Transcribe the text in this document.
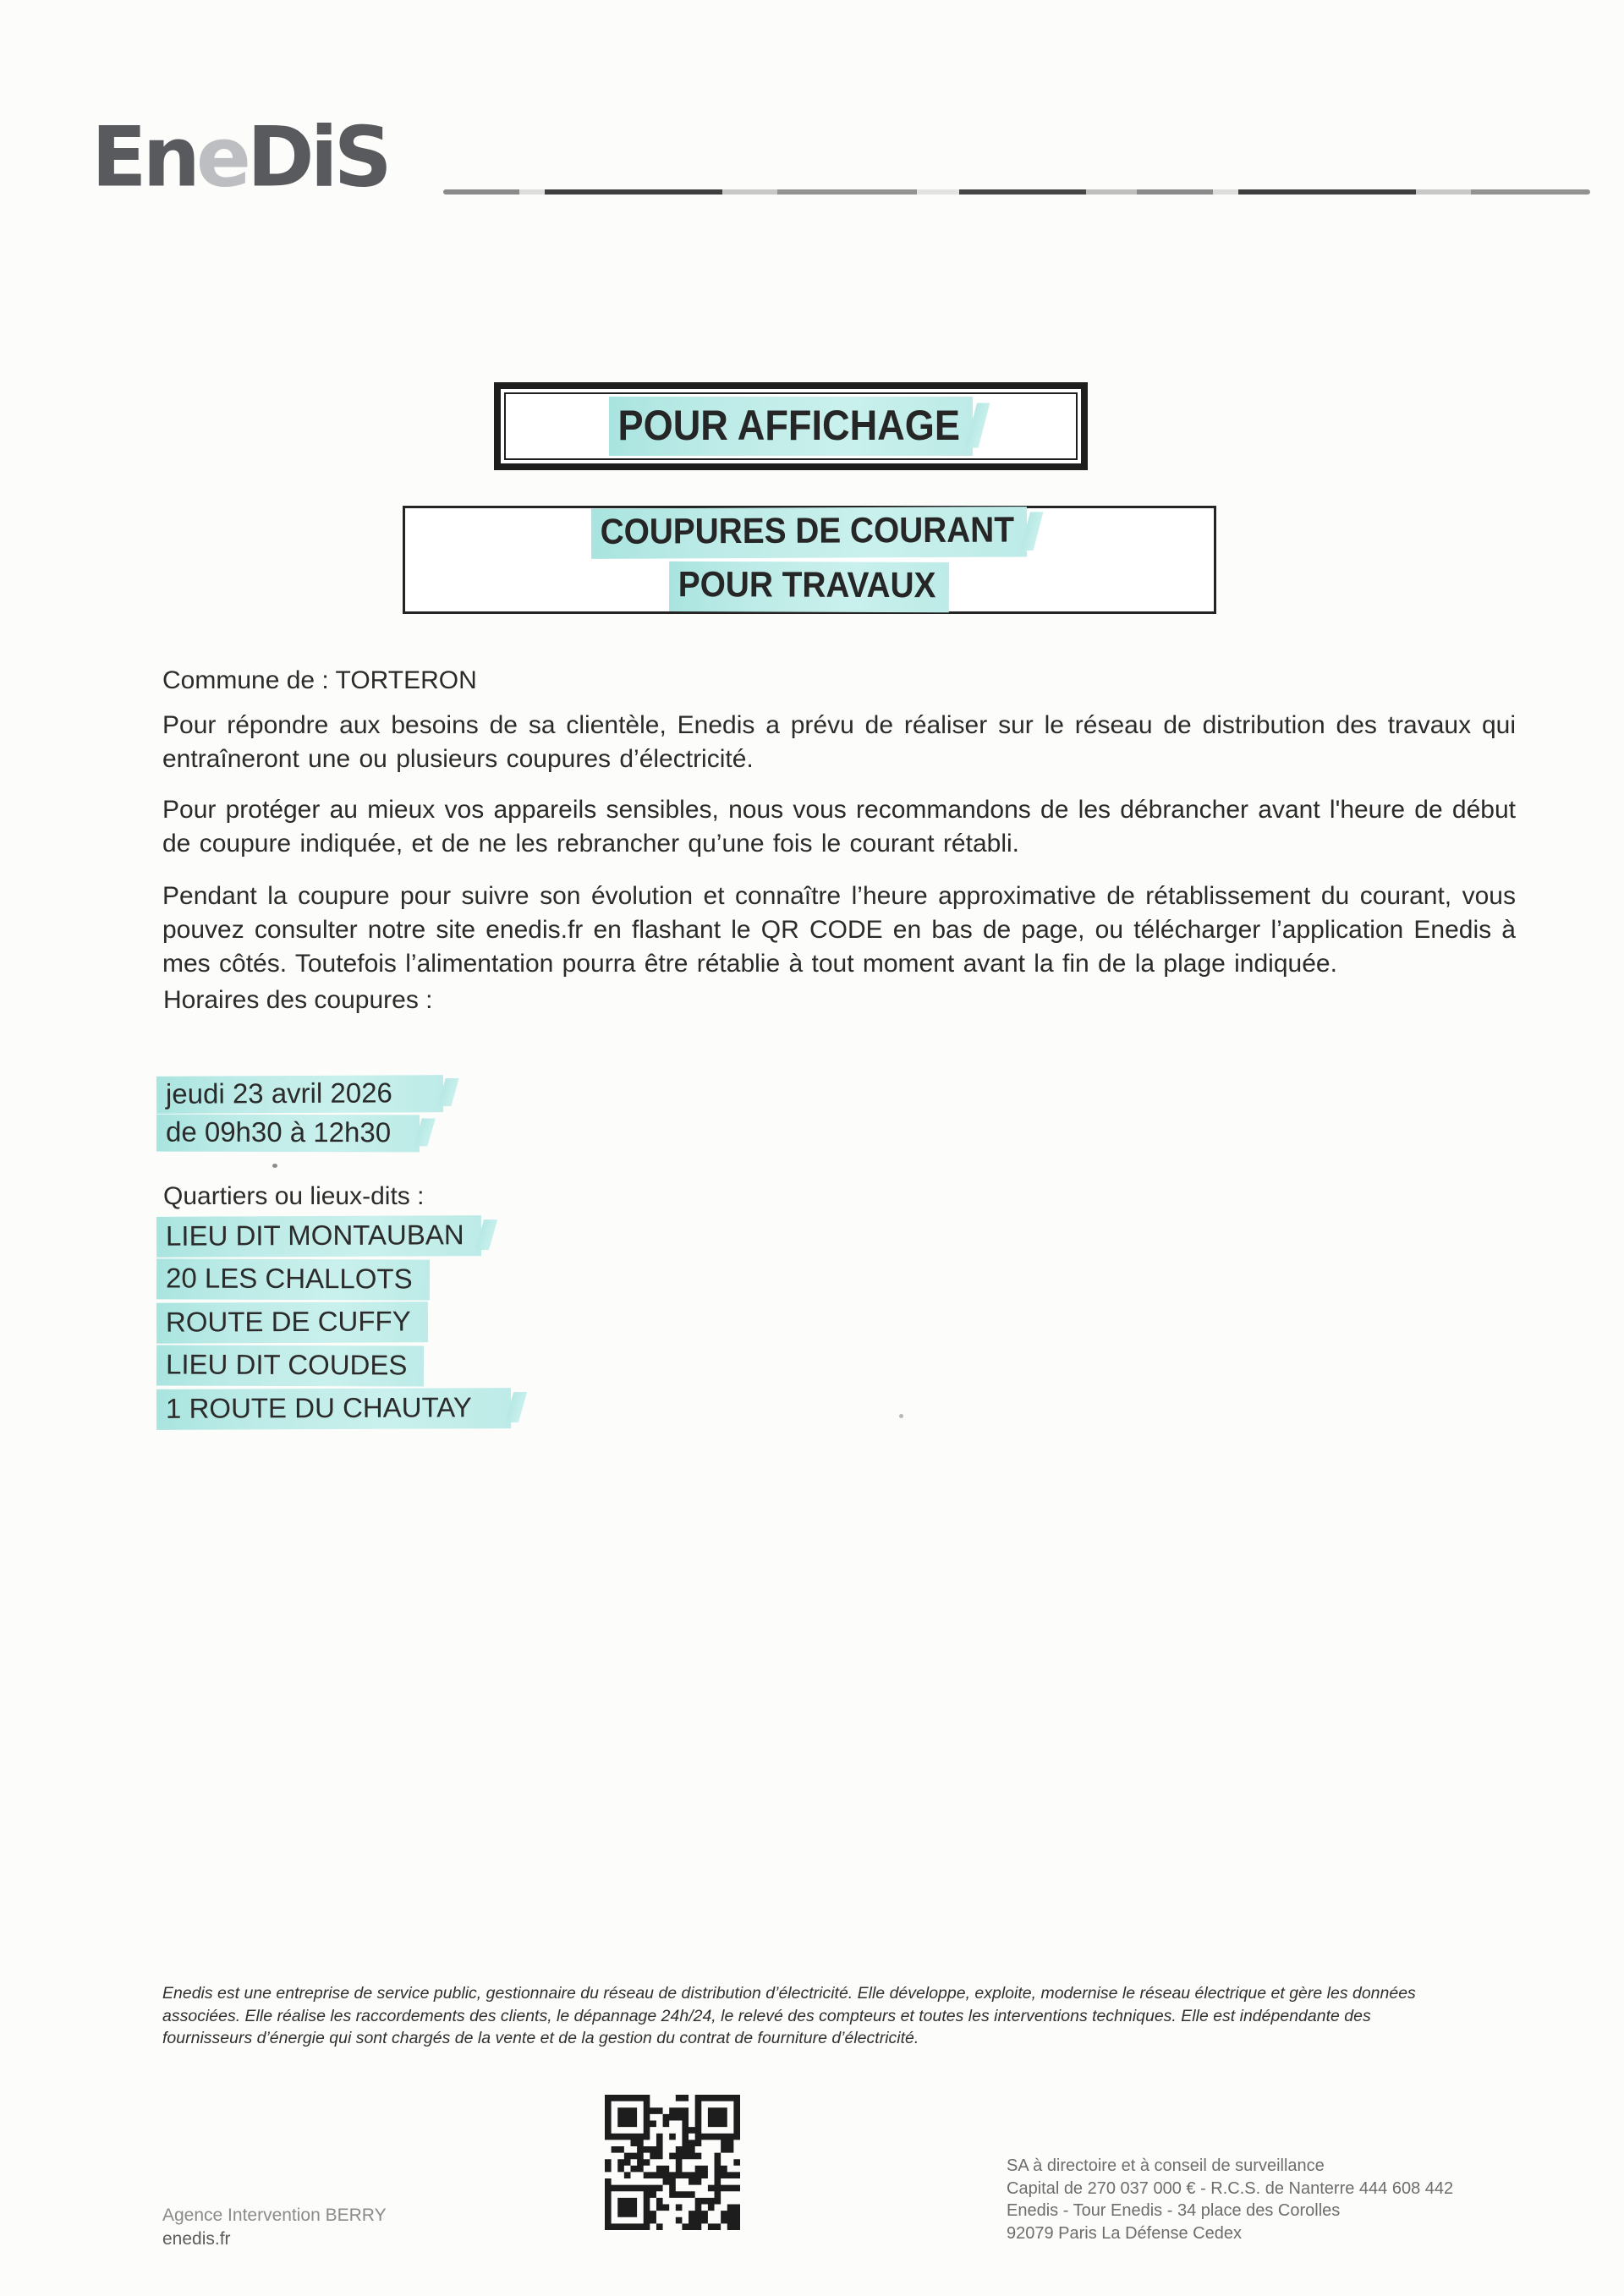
EneDiS
POUR AFFICHAGE
COUPURES DE COURANT
POUR TRAVAUX
Commune de : TORTERON
Pour répondre aux besoins de sa clientèle, Enedis a prévu de réaliser sur le réseau de distribution des travaux qui entraîneront une ou plusieurs coupures d’électricité.
Pour protéger au mieux vos appareils sensibles, nous vous recommandons de les débrancher avant l'heure de début de coupure indiquée, et de ne les rebrancher qu’une fois le courant rétabli.
Pendant la coupure pour suivre son évolution et connaître l’heure approximative de rétablissement du courant, vous pouvez consulter notre site enedis.fr en flashant le QR CODE en bas de page, ou télécharger l’application Enedis à mes côtés. Toutefois l’alimentation pourra être rétablie à tout moment avant la fin de la plage indiquée.
Horaires des coupures :
jeudi 23 avril 2026
de 09h30 à 12h30
Quartiers ou lieux-dits :
LIEU DIT MONTAUBAN
20 LES CHALLOTS
ROUTE DE CUFFY
LIEU DIT COUDES
1 ROUTE DU CHAUTAY
Enedis est une entreprise de service public, gestionnaire du réseau de distribution d’électricité. Elle développe, exploite, modernise le réseau électrique et gère les données associées. Elle réalise les raccordements des clients, le dépannage 24h/24, le relevé des compteurs et toutes les interventions techniques. Elle est indépendante des fournisseurs d’énergie qui sont chargés de la vente et de la gestion du contrat de fourniture d’électricité.
SA à directoire et à conseil de surveillance
Capital de 270 037 000 € - R.C.S. de Nanterre 444 608 442
Enedis - Tour Enedis - 34 place des Corolles
92079 Paris La Défense Cedex
Agence Intervention BERRY
enedis.fr
